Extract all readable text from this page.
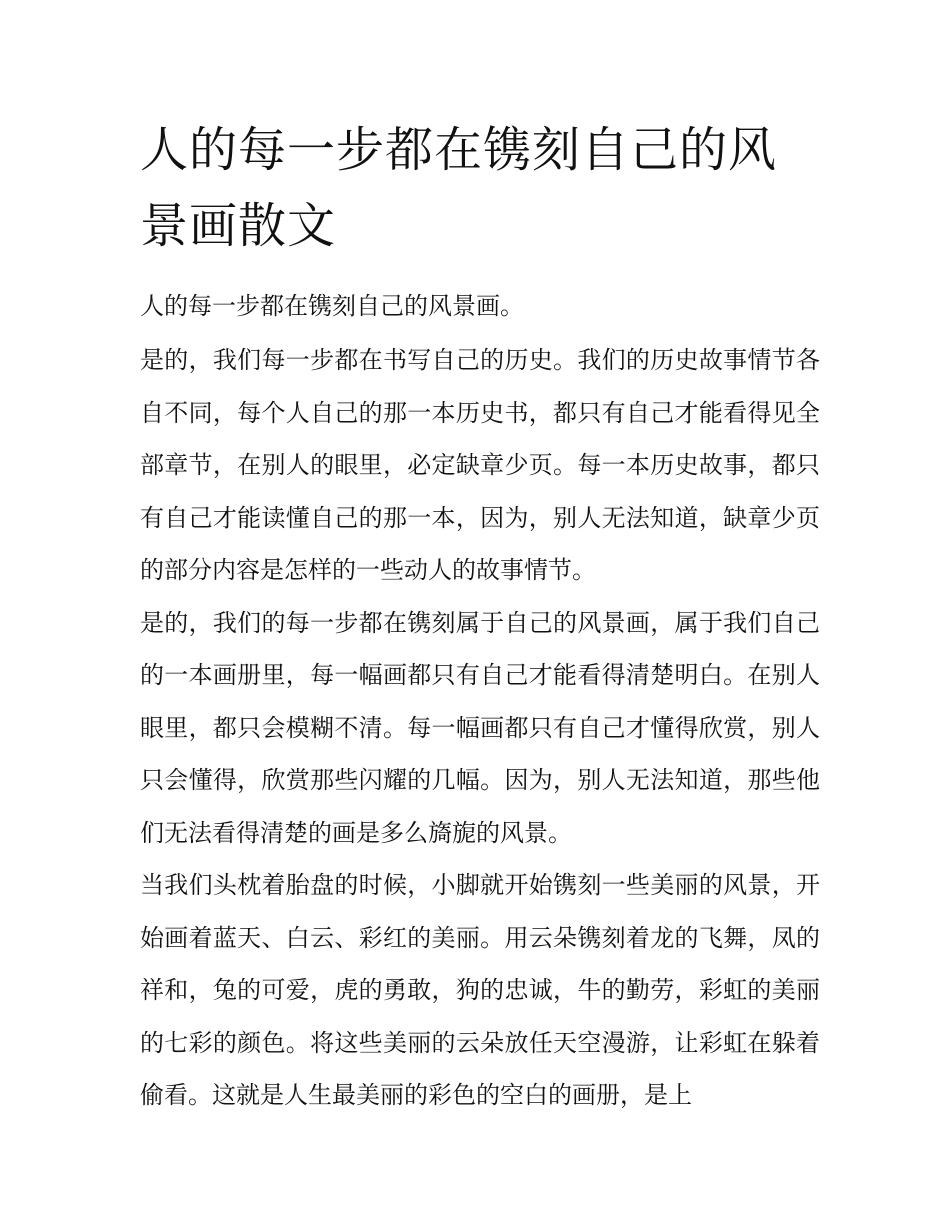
人的每一步都在镌刻自己的风景画散文

人的每一步都在镌刻自己的风景画。

是的，我们每一步都在书写自己的历史。我们的历史故事情节各自不同，每个人自己的那一本历史书，都只有自己才能看得见全部章节，在别人的眼里，必定缺章少页。每一本历史故事，都只有自己才能读懂自己的那一本，因为，别人无法知道，缺章少页的部分内容是怎样的一些动人的故事情节。

是的，我们的每一步都在镌刻属于自己的风景画，属于我们自己的一本画册里，每一幅画都只有自己才能看得清楚明白。在别人眼里，都只会模糊不清。每一幅画都只有自己才懂得欣赏，别人只会懂得，欣赏那些闪耀的几幅。因为，别人无法知道，那些他们无法看得清楚的画是多么旖旎的风景。

当我们头枕着胎盘的时候，小脚就开始镌刻一些美丽的风景，开始画着蓝天、白云、彩红的美丽。用云朵镌刻着龙的飞舞，凤的祥和，兔的可爱，虎的勇敢，狗的忠诚，牛的勤劳，彩虹的美丽的七彩的颜色。将这些美丽的云朵放任天空漫游，让彩虹在躲着偷看。这就是人生最美丽的彩色的空白的画册，是上
